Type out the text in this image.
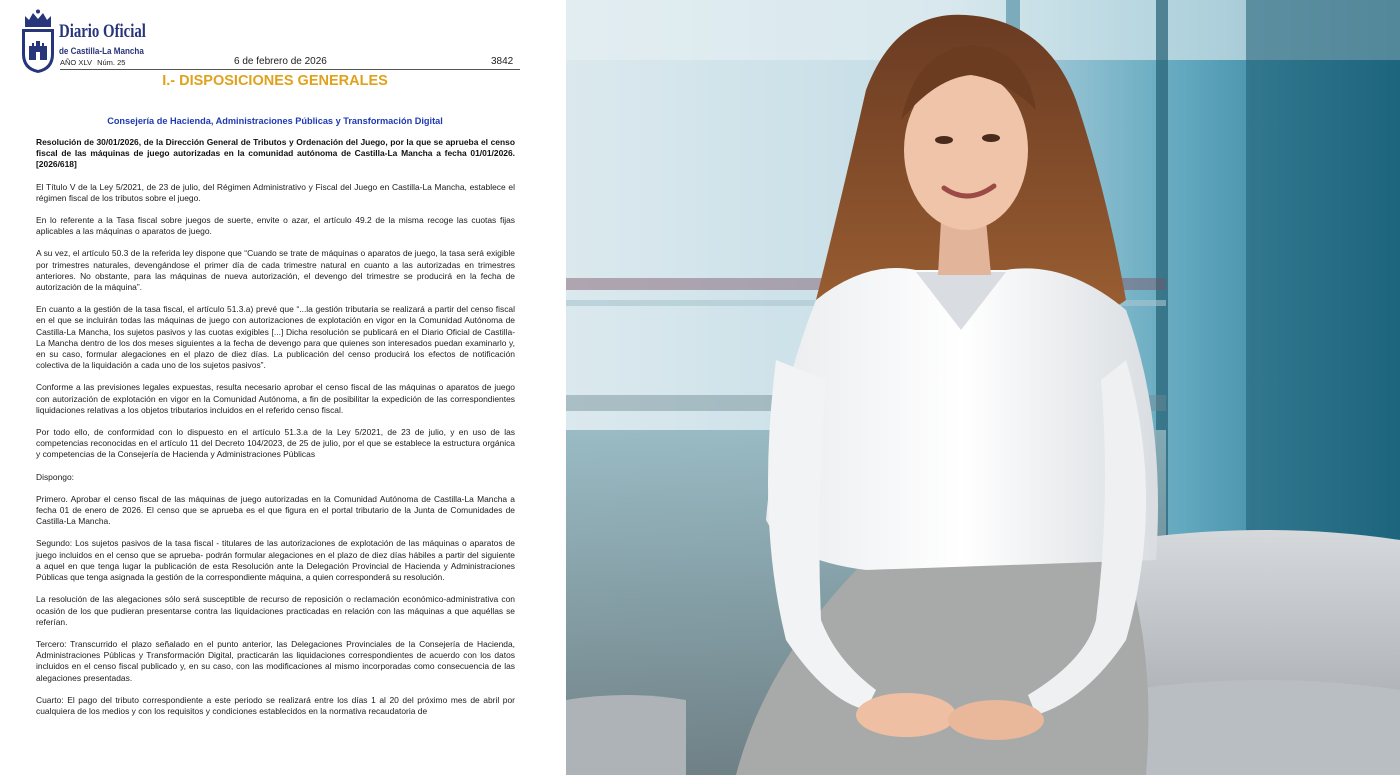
Diario Oficial
de Castilla-La Mancha
AÑO XLV Núm. 25	6 de febrero de 2026	3842
I.- DISPOSICIONES GENERALES
Consejería de Hacienda, Administraciones Públicas y Transformación Digital

Resolución de 30/01/2026, de la Dirección General de Tributos y Ordenación del Juego, por la que se aprueba el censo fiscal de las máquinas de juego autorizadas en la comunidad autónoma de Castilla-La Mancha a fecha 01/01/2026. [2026/618]

El Título V de la Ley 5/2021, de 23 de julio, del Régimen Administrativo y Fiscal del Juego en Castilla-La Mancha, establece el régimen fiscal de los tributos sobre el juego.

En lo referente a la Tasa fiscal sobre juegos de suerte, envite o azar, el artículo 49.2 de la misma recoge las cuotas fijas aplicables a las máquinas o aparatos de juego.

A su vez, el artículo 50.3 de la referida ley dispone que “Cuando se trate de máquinas o aparatos de juego, la tasa será exigible por trimestres naturales, devengándose el primer día de cada trimestre natural en cuanto a las autorizadas en trimestres anteriores. No obstante, para las máquinas de nueva autorización, el devengo del trimestre se producirá en la fecha de autorización de la máquina”.

En cuanto a la gestión de la tasa fiscal, el artículo 51.3.a) prevé que “...la gestión tributaria se realizará a partir del censo fiscal en el que se incluirán todas las máquinas de juego con autorizaciones de explotación en vigor en la Comunidad Autónoma de Castilla-La Mancha, los sujetos pasivos y las cuotas exigibles [...] Dicha resolución se publicará en el Diario Oficial de Castilla-La Mancha dentro de los dos meses siguientes a la fecha de devengo para que quienes son interesados puedan examinarlo y, en su caso, formular alegaciones en el plazo de diez días. La publicación del censo producirá los efectos de notificación colectiva de la liquidación a cada uno de los sujetos pasivos”.

Conforme a las previsiones legales expuestas, resulta necesario aprobar el censo fiscal de las máquinas o aparatos de juego con autorización de explotación en vigor en la Comunidad Autónoma, a fin de posibilitar la expedición de las correspondientes liquidaciones relativas a los objetos tributarios incluidos en el referido censo fiscal.

Por todo ello, de conformidad con lo dispuesto en el artículo 51.3.a de la Ley 5/2021, de 23 de julio, y en uso de las competencias reconocidas en el artículo 11 del Decreto 104/2023, de 25 de julio, por el que se establece la estructura orgánica y competencias de la Consejería de Hacienda y Administraciones Públicas

Dispongo:

Primero. Aprobar el censo fiscal de las máquinas de juego autorizadas en la Comunidad Autónoma de Castilla-La Mancha a fecha 01 de enero de 2026. El censo que se aprueba es el que figura en el portal tributario de la Junta de Comunidades de Castilla-La Mancha.

Segundo: Los sujetos pasivos de la tasa fiscal - titulares de las autorizaciones de explotación de las máquinas o aparatos de juego incluidos en el censo que se aprueba- podrán formular alegaciones en el plazo de diez días hábiles a partir del siguiente a aquel en que tenga lugar la publicación de esta Resolución ante la Delegación Provincial de Hacienda y Administraciones Públicas que tenga asignada la gestión de la correspondiente máquina, a quien corresponderá su resolución.

La resolución de las alegaciones sólo será susceptible de recurso de reposición o reclamación económico-administrativa con ocasión de los que pudieran presentarse contra las liquidaciones practicadas en relación con las máquinas a que aquéllas se referían.

Tercero: Transcurrido el plazo señalado en el punto anterior, las Delegaciones Provinciales de la Consejería de Hacienda, Administraciones Públicas y Transformación Digital, practicarán las liquidaciones correspondientes de acuerdo con los datos incluidos en el censo fiscal publicado y, en su caso, con las modificaciones al mismo incorporadas como consecuencia de las alegaciones presentadas.

Cuarto: El pago del tributo correspondiente a este periodo se realizará entre los días 1 al 20 del próximo mes de abril por cualquiera de los medios y con los requisitos y condiciones establecidos en la normativa recaudatoria de
